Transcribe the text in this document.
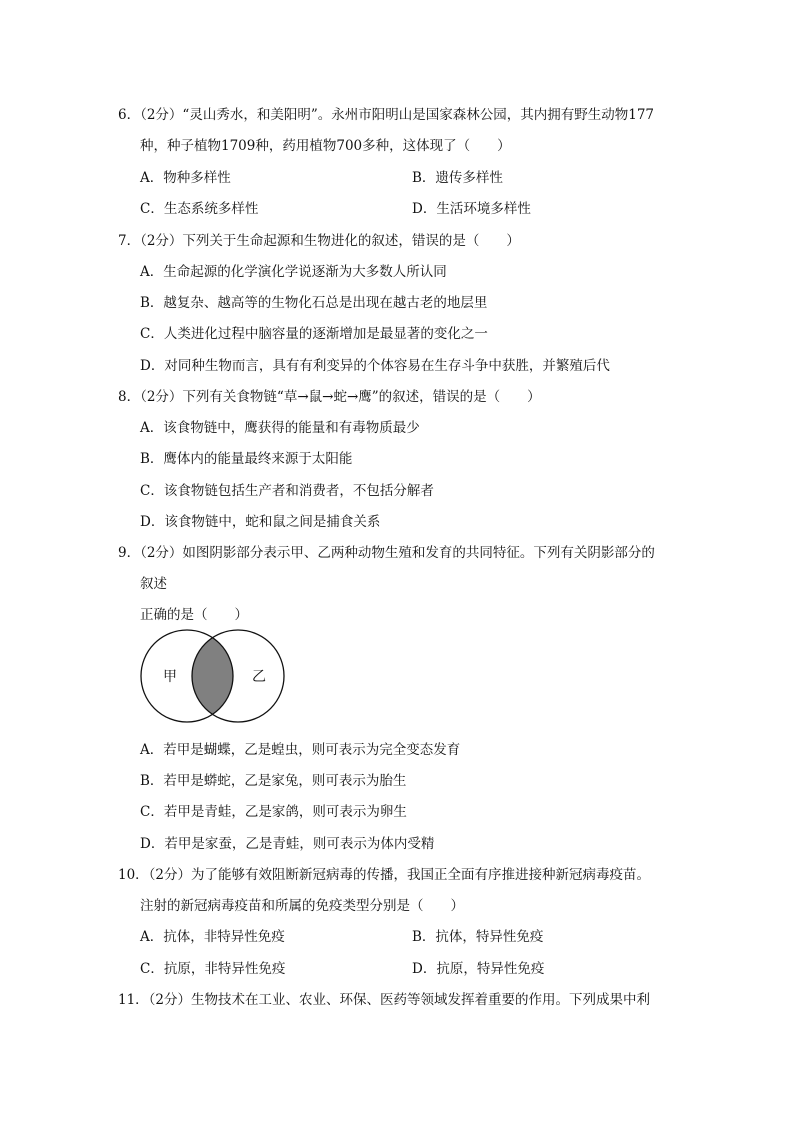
6．（2分）“灵山秀水，和美阳明”。永州市阳明山是国家森林公园，其内拥有野生动物177
种，种子植物1709种，药用植物700多种，这体现了（　　）
A．物种多样性	B．遗传多样性
C．生态系统多样性	D．生活环境多样性
7．（2分）下列关于生命起源和生物进化的叙述，错误的是（　　）
A．生命起源的化学演化学说逐渐为大多数人所认同
B．越复杂、越高等的生物化石总是出现在越古老的地层里
C．人类进化过程中脑容量的逐渐增加是最显著的变化之一
D．对同种生物而言，具有有利变异的个体容易在生存斗争中获胜，并繁殖后代
8．（2分）下列有关食物链“草→鼠→蛇→鹰”的叙述，错误的是（　　）
A．该食物链中，鹰获得的能量和有毒物质最少
B．鹰体内的能量最终来源于太阳能
C．该食物链包括生产者和消费者，不包括分解者
D．该食物链中，蛇和鼠之间是捕食关系
9．（2分）如图阴影部分表示甲、乙两种动物生殖和发育的共同特征。下列有关阴影部分的
叙述
正确的是（　　）
甲	乙
A．若甲是蝴蝶，乙是蝗虫，则可表示为完全变态发育
B．若甲是蟒蛇，乙是家兔，则可表示为胎生
C．若甲是青蛙，乙是家鸽，则可表示为卵生
D．若甲是家蚕，乙是青蛙，则可表示为体内受精
10．（2分）为了能够有效阻断新冠病毒的传播，我国正全面有序推进接种新冠病毒疫苗。
注射的新冠病毒疫苗和所属的免疫类型分别是（　　）
A．抗体，非特异性免疫	B．抗体，特异性免疫
C．抗原，非特异性免疫	D．抗原，特异性免疫
11．（2分）生物技术在工业、农业、环保、医药等领域发挥着重要的作用。下列成果中利
